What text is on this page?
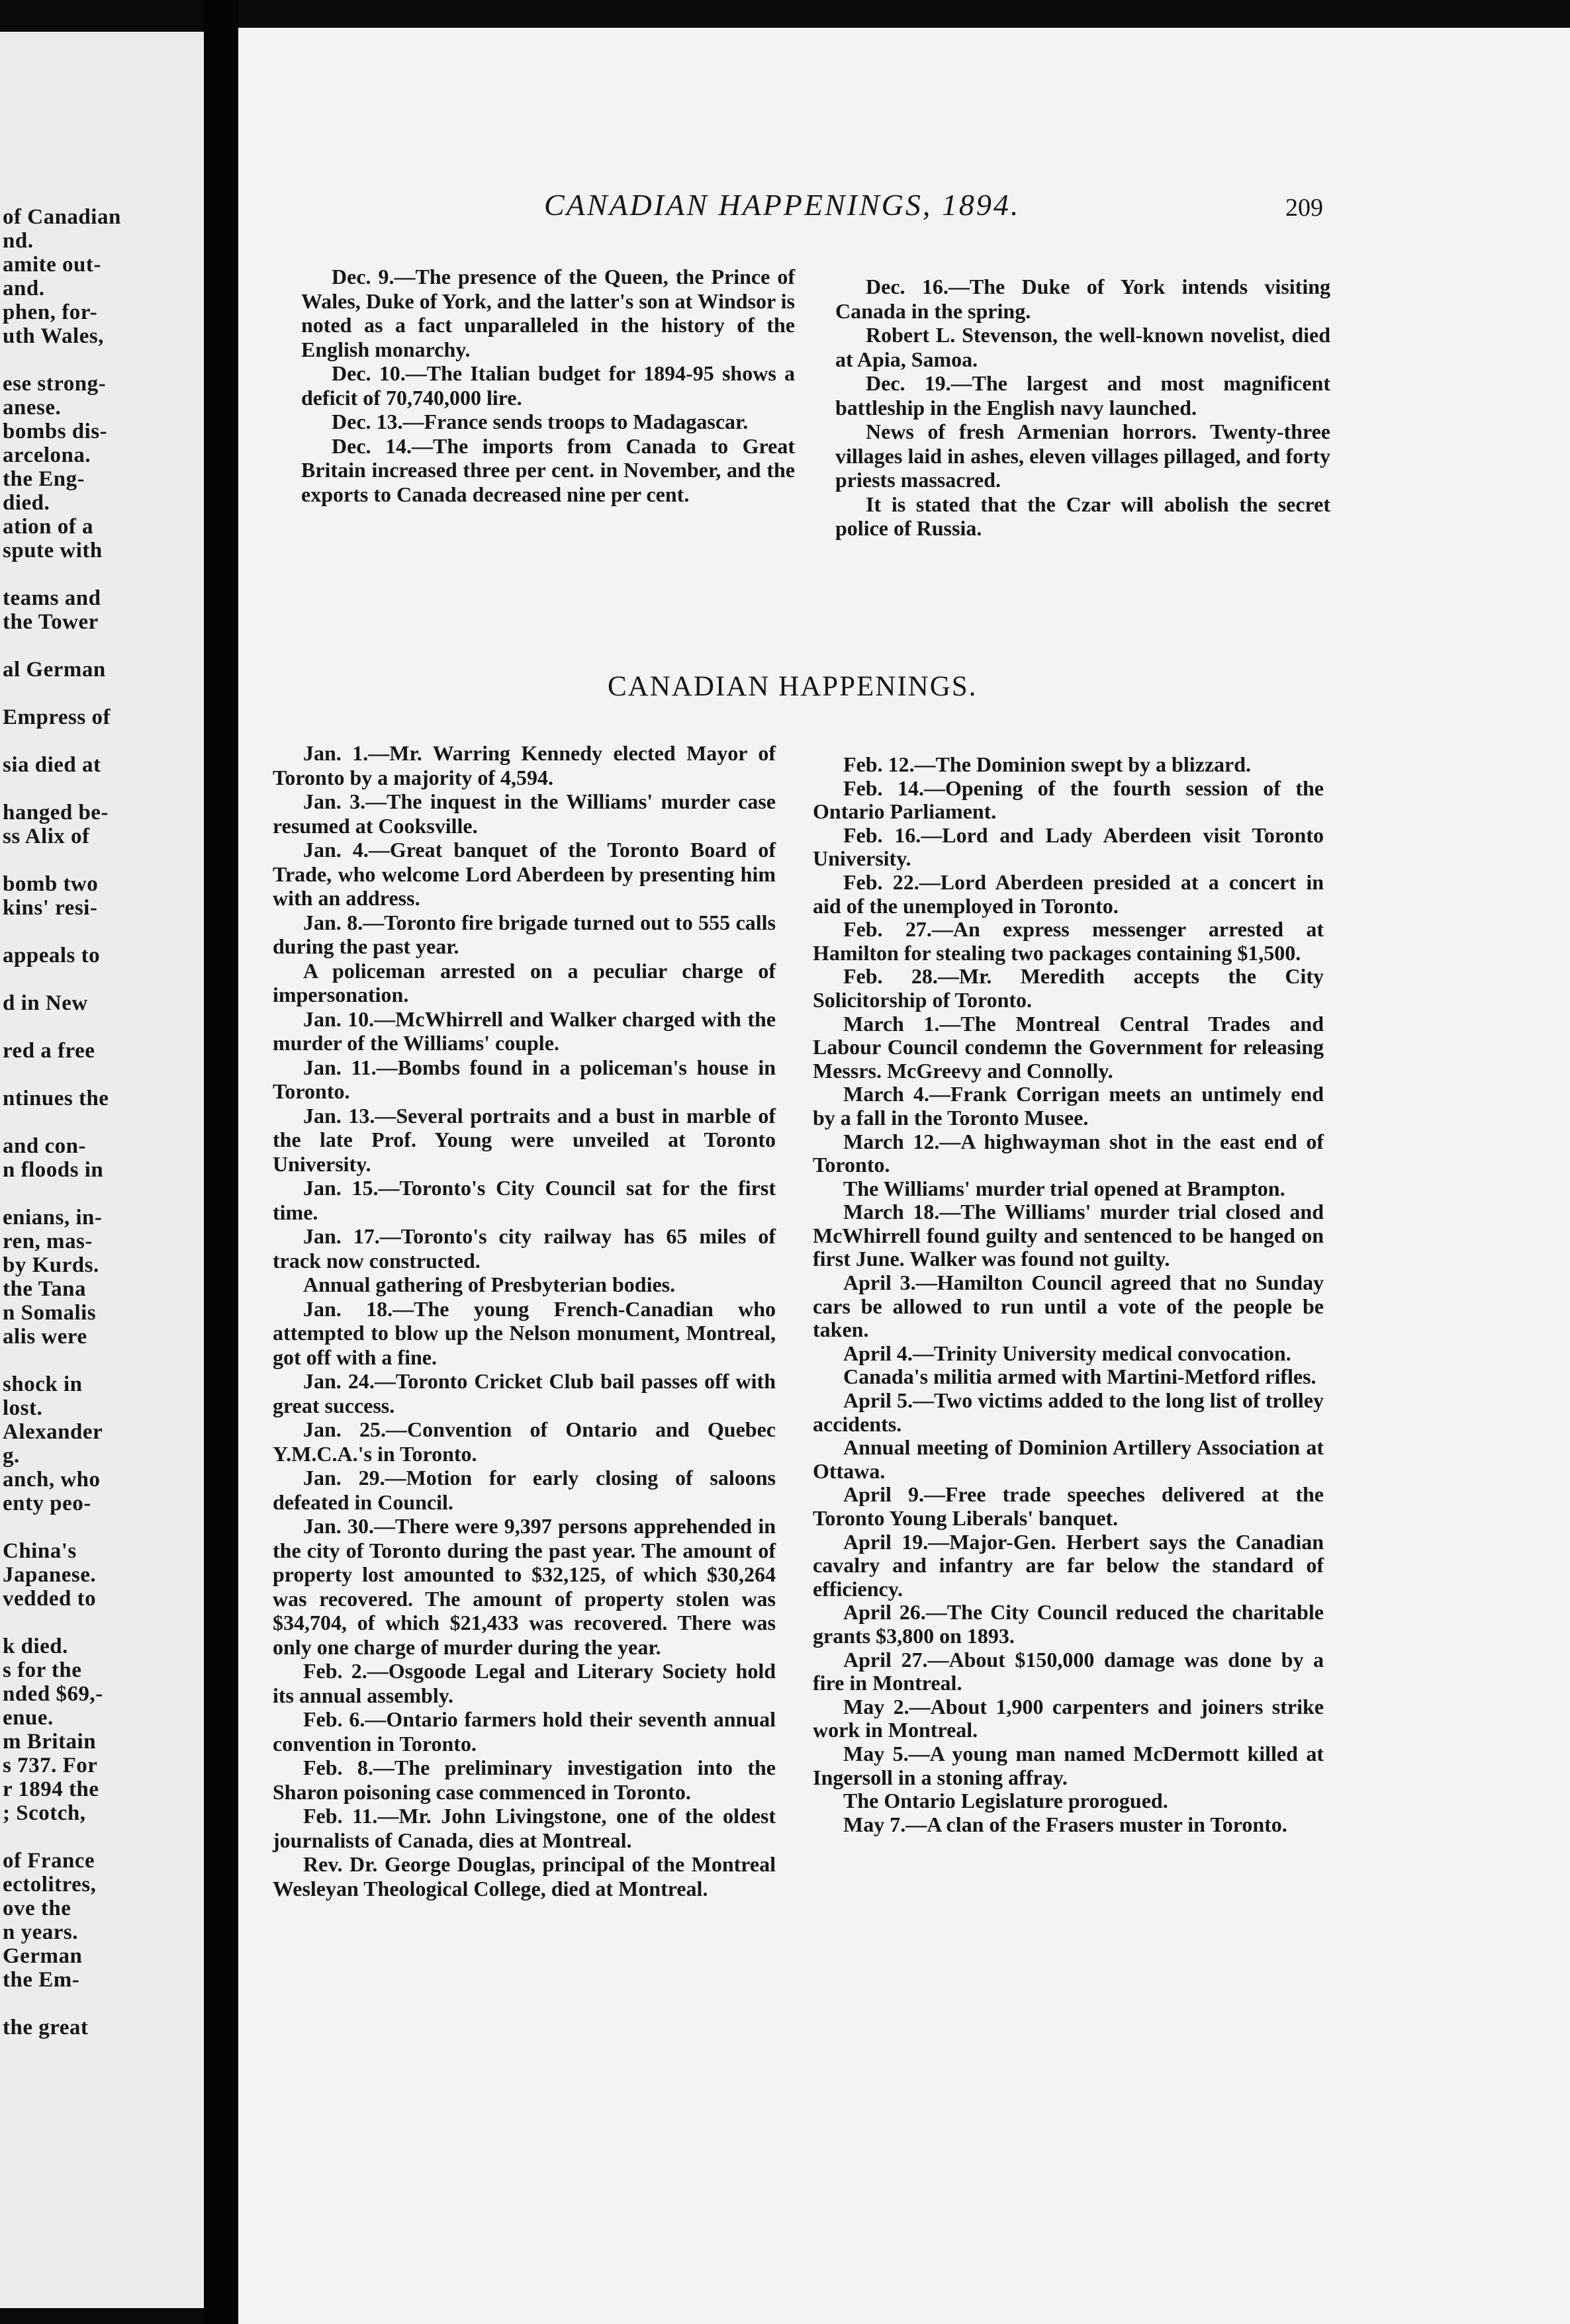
of Canadian
nd.
amite out-
and.
phen, for-
uth Wales,
ese strong-
anese.
bombs dis-
arcelona.
the Eng-
died.
ation of a
spute with
teams and
the Tower
al German
Empress of
sia died at
hanged be-
ss Alix of
bomb two
kins' resi-
appeals to
d in New
red a free
ntinues the
and con-
n floods in
enians, in-
ren, mas-
by Kurds.
the Tana
n Somalis
alis were
shock in
lost.
Alexander
g.
anch, who
enty peo-
China's
Japanese.
vedded to
k died.
s for the
nded $69,-
enue.
m Britain
s 737. For
r 1894 the
; Scotch,
of France
ectolitres,
ove the
n years.
German
the Em-
the great
CANADIAN HAPPENINGS, 1894.	209

Dec. 9.—The presence of the Queen, the Prince of Wales, Duke of York, and the latter's son at Windsor is noted as a fact unparalleled in the history of the English monarchy.

Dec. 10.—The Italian budget for 1894-95 shows a deficit of 70,740,000 lire.

Dec. 13.—France sends troops to Madagascar.

Dec. 14.—The imports from Canada to Great Britain increased three per cent. in November, and the exports to Canada decreased nine per cent.

Dec. 16.—The Duke of York intends visiting Canada in the spring.

Robert L. Stevenson, the well-known novelist, died at Apia, Samoa.

Dec. 19.—The largest and most magnificent battleship in the English navy launched.

News of fresh Armenian horrors. Twenty-three villages laid in ashes, eleven villages pillaged, and forty priests massacred.

It is stated that the Czar will abolish the secret police of Russia.

CANADIAN HAPPENINGS.

Jan. 1.—Mr. Warring Kennedy elected Mayor of Toronto by a majority of 4,594.

Jan. 3.—The inquest in the Williams' murder case resumed at Cooksville.

Jan. 4.—Great banquet of the Toronto Board of Trade, who welcome Lord Aberdeen by presenting him with an address.

Jan. 8.—Toronto fire brigade turned out to 555 calls during the past year.

A policeman arrested on a peculiar charge of impersonation.

Jan. 10.—McWhirrell and Walker charged with the murder of the Williams' couple.

Jan. 11.—Bombs found in a policeman's house in Toronto.

Jan. 13.—Several portraits and a bust in marble of the late Prof. Young were unveiled at Toronto University.

Jan. 15.—Toronto's City Council sat for the first time.

Jan. 17.—Toronto's city railway has 65 miles of track now constructed.

Annual gathering of Presbyterian bodies.

Jan. 18.—The young French-Canadian who attempted to blow up the Nelson monument, Montreal, got off with a fine.

Jan. 24.—Toronto Cricket Club bail passes off with great success.

Jan. 25.—Convention of Ontario and Quebec Y.M.C.A.'s in Toronto.

Jan. 29.—Motion for early closing of saloons defeated in Council.

Jan. 30.—There were 9,397 persons apprehended in the city of Toronto during the past year. The amount of property lost amounted to $32,125, of which $30,264 was recovered. The amount of property stolen was $34,704, of which $21,433 was recovered. There was only one charge of murder during the year.

Feb. 2.—Osgoode Legal and Literary Society hold its annual assembly.

Feb. 6.—Ontario farmers hold their seventh annual convention in Toronto.

Feb. 8.—The preliminary investigation into the Sharon poisoning case commenced in Toronto.

Feb. 11.—Mr. John Livingstone, one of the oldest journalists of Canada, dies at Montreal.

Rev. Dr. George Douglas, principal of the Montreal Wesleyan Theological College, died at Montreal.

Feb. 12.—The Dominion swept by a blizzard.

Feb. 14.—Opening of the fourth session of the Ontario Parliament.

Feb. 16.—Lord and Lady Aberdeen visit Toronto University.

Feb. 22.—Lord Aberdeen presided at a concert in aid of the unemployed in Toronto.

Feb. 27.—An express messenger arrested at Hamilton for stealing two packages containing $1,500.

Feb. 28.—Mr. Meredith accepts the City Solicitorship of Toronto.

March 1.—The Montreal Central Trades and Labour Council condemn the Government for releasing Messrs. McGreevy and Connolly.

March 4.—Frank Corrigan meets an untimely end by a fall in the Toronto Musee.

March 12.—A highwayman shot in the east end of Toronto.

The Williams' murder trial opened at Brampton.

March 18.—The Williams' murder trial closed and McWhirrell found guilty and sentenced to be hanged on first June. Walker was found not guilty.

April 3.—Hamilton Council agreed that no Sunday cars be allowed to run until a vote of the people be taken.

April 4.—Trinity University medical convocation.

Canada's militia armed with Martini-Metford rifles.

April 5.—Two victims added to the long list of trolley accidents.

Annual meeting of Dominion Artillery Association at Ottawa.

April 9.—Free trade speeches delivered at the Toronto Young Liberals' banquet.

April 19.—Major-Gen. Herbert says the Canadian cavalry and infantry are far below the standard of efficiency.

April 26.—The City Council reduced the charitable grants $3,800 on 1893.

April 27.—About $150,000 damage was done by a fire in Montreal.

May 2.—About 1,900 carpenters and joiners strike work in Montreal.

May 5.—A young man named McDermott killed at Ingersoll in a stoning affray.

The Ontario Legislature prorogued.

May 7.—A clan of the Frasers muster in Toronto.
